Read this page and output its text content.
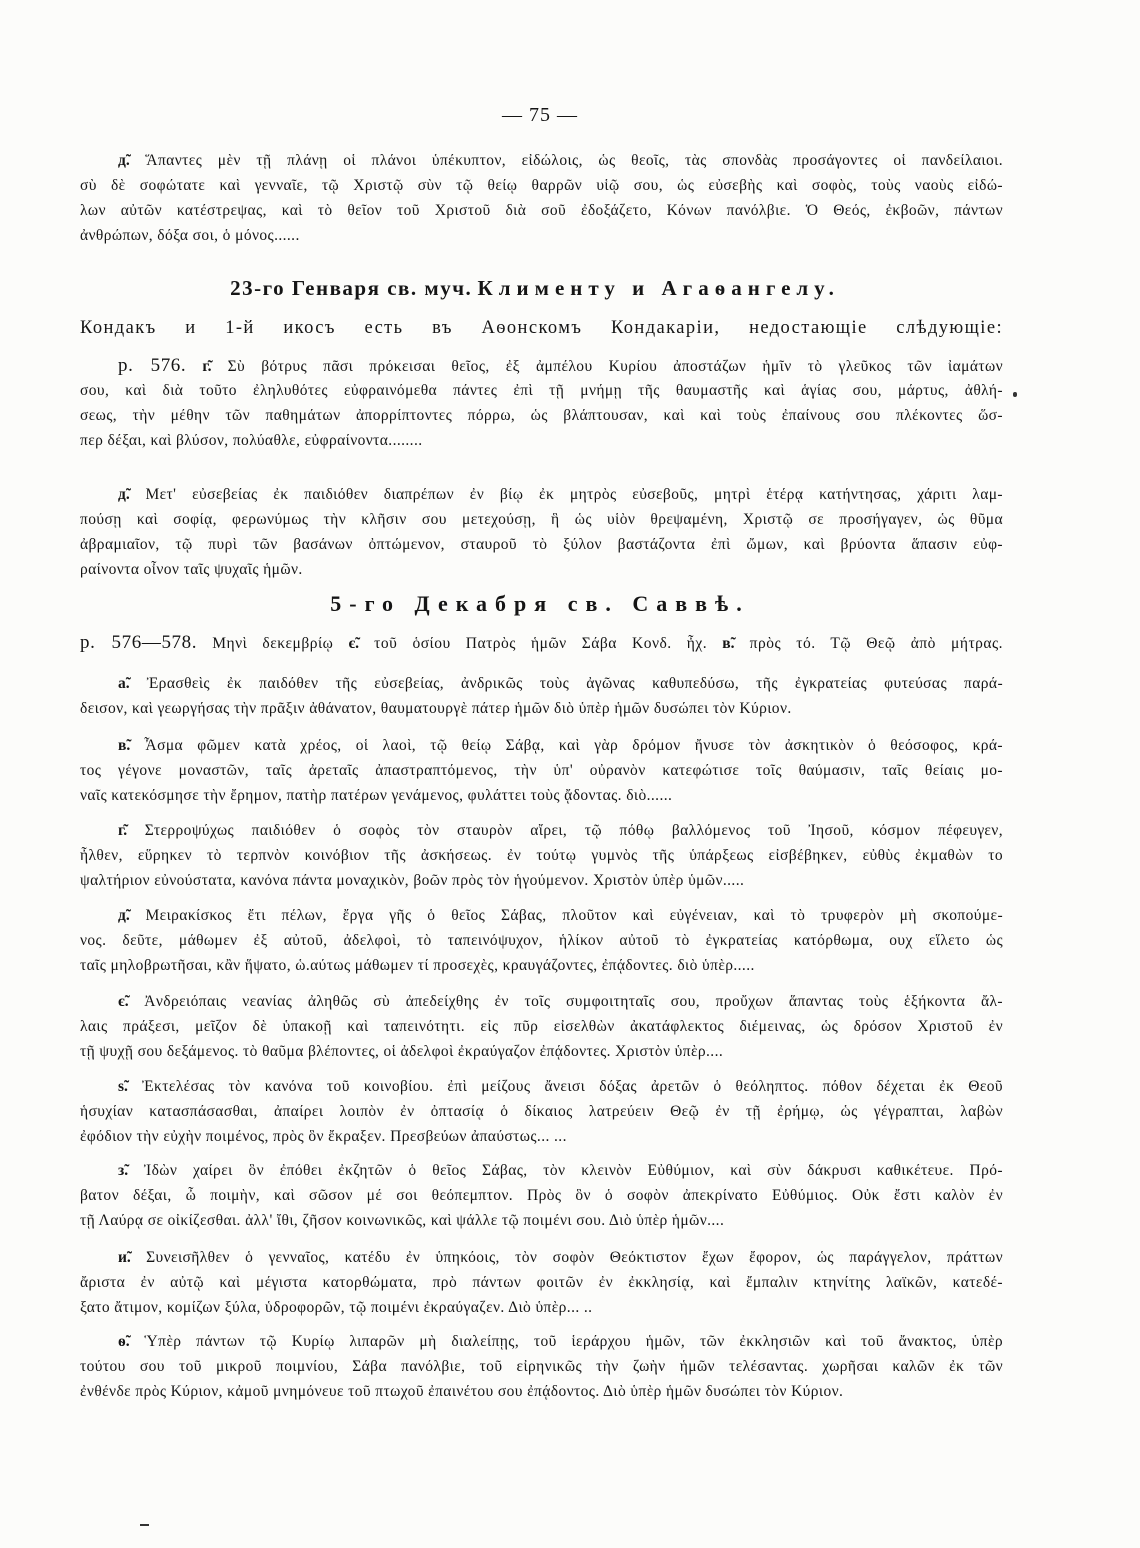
— 75 —
д̃. Ἅπαντες μὲν τῇ πλάνῃ οἱ πλάνοι ὑπέκυπτον, εἰδώλοις, ὡς θεοῖς, τὰς σπονδὰς προσάγοντες οἱ πανδείλαιοι.
σὺ δὲ σοφώτατε καὶ γενναῖε, τῷ Χριστῷ σὺν τῷ θείῳ θαρρῶν υἱῷ σου, ὡς εὐσεβὴς καὶ σοφὸς, τοὺς ναοὺς εἰδώ-
λων αὐτῶν κατέστρεψας, καὶ τὸ θεῖον τοῦ Χριστοῦ διὰ σοῦ ἐδοξάζετο, Κόνων πανόλβιε. Ὁ Θεός, ἐκβοῶν, πάντων
ἀνθρώπων, δόξα σοι, ὁ μόνος......
23-го Генваря св. муч. Клименту и Агаѳангелу.
Кондакъ и 1-й икосъ есть въ Аѳонскомъ Кондакаріи, недостающіе слѣдующіе:
р. 576. г̃. Σὺ βότρυς πᾶσι πρόκεισαι θεῖος, ἐξ ἀμπέλου Κυρίου ἀποστάζων ἡμῖν τὸ γλεῦκος τῶν ἰαμάτων
σου, καὶ διὰ τοῦτο ἐληλυθότες εὐφραινόμεθα πάντες ἐπὶ τῇ μνήμῃ τῆς θαυμαστῆς καὶ ἁγίας σου, μάρτυς, ἀθλή-
σεως, τὴν μέθην τῶν παθημάτων ἀπορρίπτοντες πόρρω, ὡς βλάπτουσαν, καὶ καὶ τοὺς ἐπαίνους σου πλέκοντες ὥσ-
περ δέξαι, καὶ βλύσον, πολύαθλε, εὐφραίνοντα........
д̃. Μετ' εὐσεβείας ἐκ παιδιόθεν διαπρέπων ἐν βίῳ ἐκ μητρὸς εὐσεβοῦς, μητρὶ ἑτέρᾳ κατήντησας, χάριτι λαμ-
πούσῃ καὶ σοφίᾳ, φερωνύμως τὴν κλῆσιν σου μετεχούσῃ, ἣ ὡς υἱὸν θρεψαμένη, Χριστῷ σε προσήγαγεν, ὡς θῦμα
ἀβραμιαῖον, τῷ πυρὶ τῶν βασάνων ὀπτώμενον, σταυροῦ τὸ ξύλον βαστάζοντα ἐπὶ ὤμων, καὶ βρύοντα ἅπασιν εὐφ-
ραίνοντα οἶνον ταῖς ψυχαῖς ἡμῶν.
5-го Декабря св. Саввѣ.
р. 576—578. Μηνὶ δεκεμβρίῳ є̃. τοῦ ὁσίου Πατρὸς ἡμῶν Σάβα Κονδ. ἦχ. в̃. πρὸς τό. Τῷ Θεῷ ἀπὸ μήτρας.
а̃. Ἐρασθεὶς ἐκ παιδόθεν τῆς εὐσεβείας, ἀνδρικῶς τοὺς ἀγῶνας καθυπεδύσω, τῆς ἐγκρατείας φυτεύσας παρά-
δεισον, καὶ γεωργήσας τὴν πρᾶξιν ἀθάνατον, θαυματουργὲ πάτερ ἡμῶν διὸ ὑπὲρ ἡμῶν δυσώπει τὸν Κύριον.
в̃. Ἆσμα φῶμεν κατὰ χρέος, οἱ λαοὶ, τῷ θείῳ Σάβᾳ, καὶ γὰρ δρόμον ἤνυσε τὸν ἀσκητικὸν ὁ θεόσοφος, κρά-
τος γέγονε μοναστῶν, ταῖς ἀρεταῖς ἀπαστραπτόμενος, τὴν ὑπ' οὐρανὸν κατεφώτισε τοῖς θαύμασιν, ταῖς θείαις μο-
ναῖς κατεκόσμησε τὴν ἔρημον, πατὴρ πατέρων γενάμενος, φυλάττει τοὺς ᾄδοντας. διὸ......
г̃. Στερροψύχως παιδιόθεν ὁ σοφὸς τὸν σταυρὸν αἴρει, τῷ πόθῳ βαλλόμενος τοῦ Ἰησοῦ, κόσμον πέφευγεν,
ἦλθεν, εὕρηκεν τὸ τερπνὸν κοινόβιον τῆς ἀσκήσεως. ἐν τούτῳ γυμνὸς τῆς ὑπάρξεως εἰσβέβηκεν, εὐθὺς ἐκμαθὼν το
ψαλτήριον εὐνούστατα, κανόνα πάντα μοναχικὸν, βοῶν πρὸς τὸν ἡγούμενον. Χριστὸν ὑπὲρ ὑμῶν.....
д̃. Μειρακίσκος ἔτι πέλων, ἔργα γῆς ὁ θεῖος Σάβας, πλοῦτον καὶ εὐγένειαν, καὶ τὸ τρυφερὸν μὴ σκοπούμε-
νος. δεῦτε, μάθωμεν ἐξ αὐτοῦ, ἀδελφοὶ, τὸ ταπεινόψυχον, ἡλίκον αὐτοῦ τὸ ἐγκρατείας κατόρθωμα, ουχ εἵλετο ὡς
ταῖς μηλοβρωτῆσαι, κἂν ἥψατο, ὡ.αύτως μάθωμεν τί προσεχὲς, κραυγάζοντες, ἐπᾴδοντες. διὸ ὑπὲρ.....
є̃. Ἀνδρειόπαις νεανίας ἀληθῶς σὺ ἀπεδείχθης ἐν τοῖς συμφοιτηταῖς σου, προὔχων ἅπαντας τοὺς ἑξήκοντα ἄλ-
λαις πράξεσι, μεῖζον δὲ ὑπακοῇ καὶ ταπεινότητι. εἰς πῦρ εἰσελθὼν ἀκατάφλεκτος διέμεινας, ὡς δρόσον Χριστοῦ ἐν
τῇ ψυχῇ σου δεξάμενος. τὸ θαῦμα βλέποντες, οἱ ἀδελφοὶ ἐκραύγαζον ἐπᾴδοντες. Χριστὸν ὑπὲρ....
ѕ̃. Ἐκτελέσας τὸν κανόνα τοῦ κοινοβίου. ἐπὶ μείζους ἄνεισι δόξας ἀρετῶν ὁ θεόληπτος. πόθον δέχεται ἐκ Θεοῦ
ἡσυχίαν κατασπάσασθαι, ἀπαίρει λοιπὸν ἐν ὀπτασίᾳ ὁ δίκαιος λατρεύειν Θεῷ ἐν τῇ ἐρήμῳ, ὡς γέγραπται, λαβὼν
ἐφόδιον τὴν εὐχὴν ποιμένος, πρὸς ὃν ἔκραξεν. Πρεσβεύων ἀπαύστως... ...
з̃. Ἰδὼν χαίρει ὃν ἐπόθει ἐκζητῶν ὁ θεῖος Σάβας, τὸν κλεινὸν Εὐθύμιον, καὶ σὺν δάκρυσι καθικέτευε. Πρό-
βατον δέξαι, ὦ ποιμὴν, καὶ σῶσον μέ σοι θεόπεμπτον. Πρὸς ὃν ὁ σοφὸν ἀπεκρίνατο Εὐθύμιος. Οὐκ ἔστι καλὸν ἐν
τῇ Λαύρᾳ σε οἰκίζεσθαι. ἀλλ' ἴθι, ζῆσον κοινωνικῶς, καὶ ψάλλε τῷ ποιμένι σου. Διὸ ὑπὲρ ἡμῶν....
и̃. Συνεισῆλθεν ὁ γενναῖος, κατέδυ ἐν ὑπηκόοις, τὸν σοφὸν Θεόκτιστον ἔχων ἔφορον, ὡς παράγγελον, πράττων
ἄριστα ἐν αὐτῷ καὶ μέγιστα κατορθώματα, πρὸ πάντων φοιτῶν ἐν ἐκκλησίᾳ, καὶ ἔμπαλιν κτηνίτης λαϊκῶν, κατεδέ-
ξατο ἄτιμον, κομίζων ξύλα, ὑδροφορῶν, τῷ ποιμένι ἐκραύγαζεν. Διὸ ὑπὲρ... ..
ѳ̃. Ὑπὲρ πάντων τῷ Κυρίῳ λιπαρῶν μὴ διαλείπῃς, τοῦ ἱεράρχου ἡμῶν, τῶν ἐκκλησιῶν καὶ τοῦ ἄνακτος, ὑπὲρ
τούτου σου τοῦ μικροῦ ποιμνίου, Σάβα πανόλβιε, τοῦ εἰρηνικῶς τὴν ζωὴν ἡμῶν τελέσαντας. χωρῆσαι καλῶν ἐκ τῶν
ἐνθένδε πρὸς Κύριον, κἀμοῦ μνημόνευε τοῦ πτωχοῦ ἐπαινέτου σου ἐπᾴδοντος. Διὸ ὑπὲρ ἡμῶν δυσώπει τὸν Κύριον.
